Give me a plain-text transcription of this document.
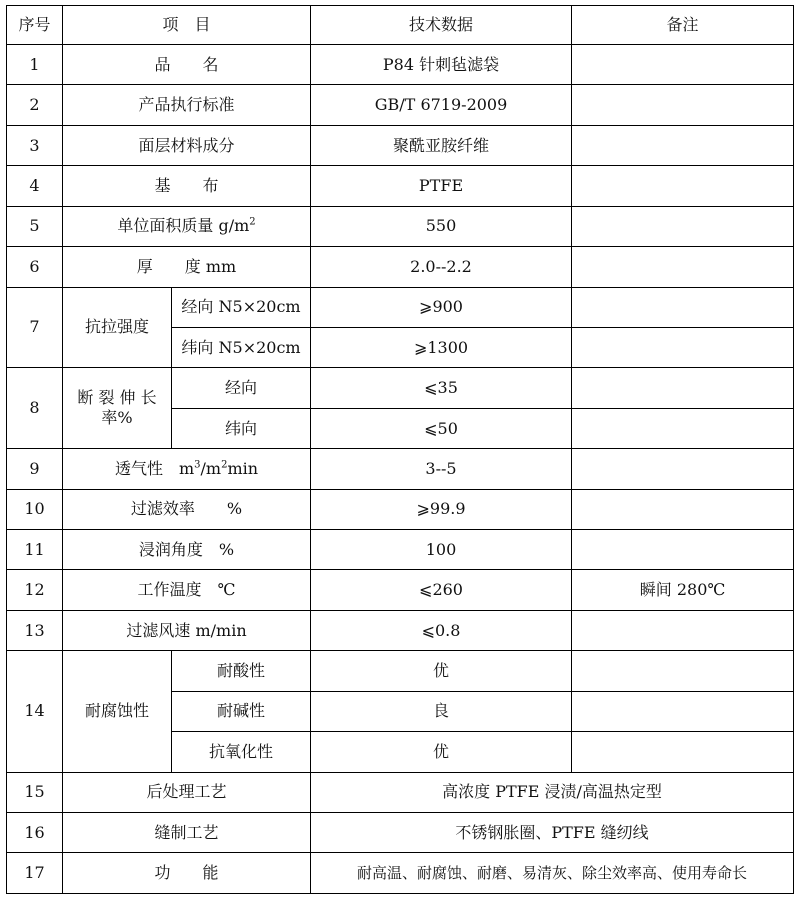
序号	项　目		技术数据	备注
1	品　　名		P84 针刺毡滤袋	
2	产品执行标准		GB/T 6719-2009	
3	面层材料成分		聚酰亚胺纤维	
4	基　　布		PTFE	
5	单位面积质量 $g/m^2$		550	
6	厚　　度 mm		2.0--2.2	
7	抗拉强度	经向 N5×20cm	⩾900	
		纬向 N5×20cm	⩾1300	
8	断 裂 伸 长 率%	经向	⩽35	
		纬向	⩽50	
9	透气性　$m^3/m^2\min$		3--5	
10	过滤效率　　%		⩾99.9	
11	浸润角度　%		100	
12	工作温度　℃		⩽260	瞬间 280℃
13	过滤风速 m/min		⩽0.8	
14	耐腐蚀性	耐酸性	优	
		耐碱性	良	
		抗氧化性	优	
15	后处理工艺		高浓度 PTFE 浸渍/高温热定型	
16	缝制工艺		不锈钢胀圈、PTFE 缝纫线	
17	功　　能		耐高温、耐腐蚀、耐磨、易清灰、除尘效率高、使用寿命长	
